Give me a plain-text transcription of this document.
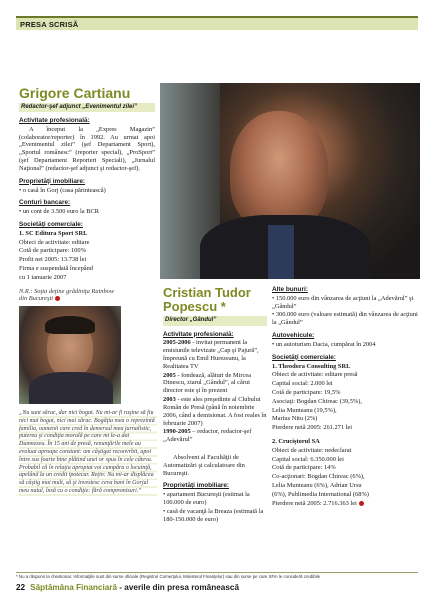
PRESA SCRISĂ
Grigore Cartianu
Redactor-şef adjunct „Evenimentul zilei”
Activitate profesională:
A început la „Expres Magazin” (colaborator/reporter) în 1992. Au urmat apoi „Evenimentul zilei” (şef Departament Sport), „Sportul românesc” (reporter special), „ProSport” (şef Departament Reporteri Speciali), „Jurnalul Naţional” (redactor-şef adjunct şi redactor-şef).
Proprietăţi imobiliare:
• o casă în Gorj (casa părintească)
Conturi bancare:
• un cont de 3.500 euro la BCR
Societăţi comerciale:
1. SC Editura Sport SRL
Obiect de activitate: editare
Cotă de participare: 100%
Profit net 2005: 13.738 lei
Firma e suspendată începând
cu 1 ianuarie 2007
N.R.: Soţia deţine grădiniţa Rainbow din Bucureşti
„Nu sunt sărac, dar nici bogat. Nu mi-ar fi ruşine să fiu nici mai bogat, nici mai sărac. Bogăţia mea o reprezintă familia, oamenii care cred în demersul meu jurnalistic, puterea şi condiţia morală pe care mi le-a dat Dumnezeu. În 15 ani de presă, renunţările mele au evoluat aproape constant: am câştigat reconvrbit, apoi între sus foarte bine plătind unei or spus în cele câteva. Probabil că în relaţia apropiat voi cumpăra o locuinţă, apelând la un credit ipotecar. Reţin: Nu mi-ar displăcea să câştig mai mult, să şi investesc ceva bani în Gorjul meu natal, însă cu o condiţie: fără compromisuri.”
Cristian Tudor Popescu *
Director „Gândul”
Activitate profesională:
2005-2006 - invitat permanent la emisiunile televizate „Cap şi Pajură”, împreună cu Emil Hurezeanu, la Realitatea TV
2005 - fondează, alături de Mircea Dinescu, ziarul „Gândul”, al cărui director este şi în prezent
2003 - este ales preşedinte al Clubului Român de Presă (până în noiembrie 2006, când a demisionat. A fost reales în februarie 2007)
1990-2005 – redactor, redactor-şef „Adevărul”
Absolvent al Facultăţii de Automatizări şi calculatoare din Bucureşti.
Proprietăţi imobiliare:
• apartament Bucureşti (estimat la 100.000 de euro)
• casă de vacanţă la Breaza (estimată la 180-150.000 de euro)
Alte bunuri:
• 150.000 euro din vânzarea de acţiuni la „Adevărul” şi „Gândul”
• 300.000 euro (valoare estimată) din vânzarea de acţiuni la „Gândul”
Autovehicule:
• un autoturism Dacia, cumpărat în 2004
Societăţi comerciale:
1. Theodora Consulting SRL
Obiect de activitate: editare presă
Capital social: 2.000 lei
Cotă de participare: 19,5%
Asociaţi: Bogdan Chireac (39,5%),
Lelia Munteanu (19,5%),
Marius Nitu (2%)
Pierdere netă 2005: 261.271 lei
2. Cruciştorul SA
Obiect de activitate: nedeclarat
Capital social: 6.350.000 lei
Cotă de participare: 14%
Co-acţionari: Bogdan Chireac (6%),
Lelia Munteanu (6%), Adrian Ursu
(6%), Publimedia International (68%)
Pierdere netă 2005: 2.716.363 lei
* Nu a răspuns la chestionar. Informaţiile sunt din surse oficiale (Registrul Comerţului, Ministerul Finanţelor) sau din surse pe care SFin le consideră credibile
22 Săptămâna Financiară - averile din presa românească
